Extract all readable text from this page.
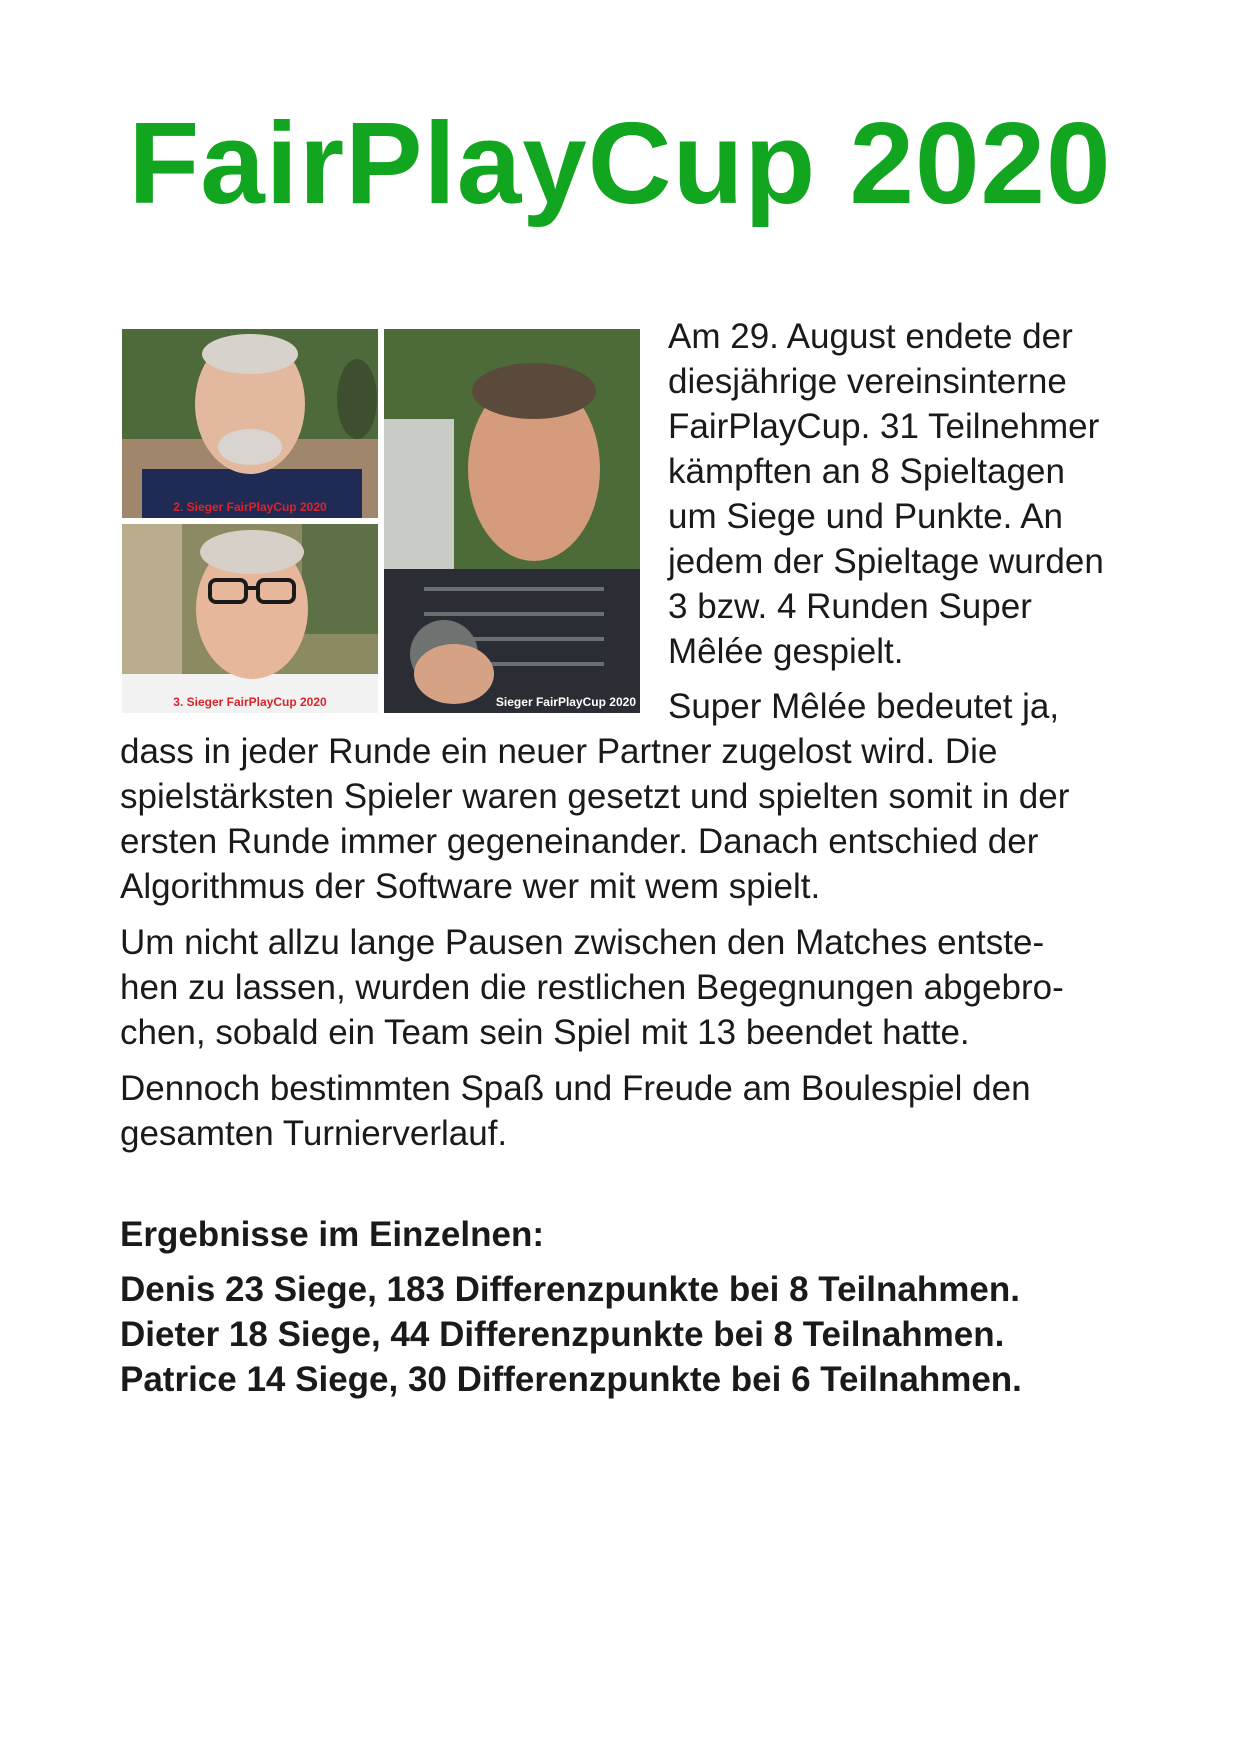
FairPlayCup 2020
2. Sieger FairPlayCup 2020
3. Sieger FairPlayCup 2020	Sieger FairPlayCup 2020
Am 29. August endete der
diesjährige vereinsinterne
FairPlayCup. 31 Teilnehmer
kämpften an 8 Spieltagen
um Siege und Punkte. An
jedem der Spieltage wurden
3 bzw. 4 Runden Super
Mêlée gespielt.
Super Mêlée bedeutet ja,
dass in jeder Runde ein neuer Partner zugelost wird. Die
spielstärksten Spieler waren gesetzt und spielten somit in der
ersten Runde immer gegeneinander. Danach entschied der
Algorithmus der Software wer mit wem spielt.
Um nicht allzu lange Pausen zwischen den Matches entste-
hen zu lassen, wurden die restlichen Begegnungen abgebro-
chen, sobald ein Team sein Spiel mit 13 beendet hatte.
Dennoch bestimmten Spaß und Freude am Boulespiel den
gesamten Turnierverlauf.
Ergebnisse im Einzelnen:
Denis 23 Siege, 183 Differenzpunkte bei 8 Teilnahmen.
Dieter 18 Siege, 44 Differenzpunkte bei 8 Teilnahmen.
Patrice 14 Siege, 30 Differenzpunkte bei 6 Teilnahmen.
